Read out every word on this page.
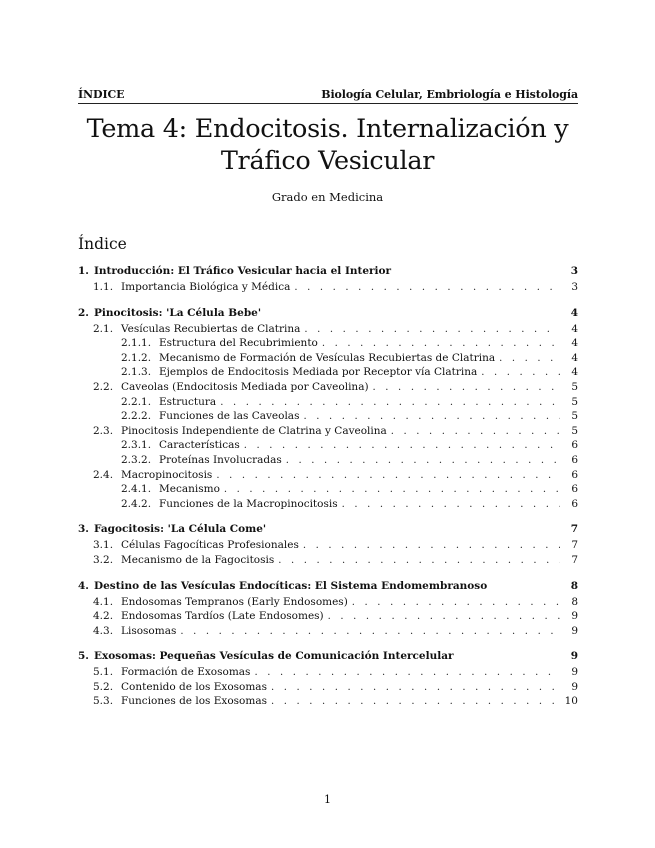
ÍNDICE	Biología Celular, Embriología e Histología
Tema 4: Endocitosis. Internalización y
Tráfico Vesicular
Grado en Medicina
Índice
1. Introducción: El Tráfico Vesicular hacia el Interior	3
1.1. Importancia Biológica y Médica . . .	3
2. Pinocitosis: 'La Célula Bebe'	4
2.1. Vesículas Recubiertas de Clatrina . . .	4
2.1.1. Estructura del Recubrimiento . . .	4
2.1.2. Mecanismo de Formación de Vesículas Recubiertas de Clatrina . . .	4
2.1.3. Ejemplos de Endocitosis Mediada por Receptor vía Clatrina . . .	4
2.2. Caveolas (Endocitosis Mediada por Caveolina) . . .	5
2.2.1. Estructura . . .	5
2.2.2. Funciones de las Caveolas . . .	5
2.3. Pinocitosis Independiente de Clatrina y Caveolina . . .	5
2.3.1. Características . . .	6
2.3.2. Proteínas Involucradas . . .	6
2.4. Macropinocitosis . . .	6
2.4.1. Mecanismo . . .	6
2.4.2. Funciones de la Macropinocitosis . . .	6
3. Fagocitosis: 'La Célula Come'	7
3.1. Células Fagocíticas Profesionales . . .	7
3.2. Mecanismo de la Fagocitosis . . .	7
4. Destino de las Vesículas Endocíticas: El Sistema Endomembranoso	8
4.1. Endosomas Tempranos (Early Endosomes) . . .	8
4.2. Endosomas Tardíos (Late Endosomes) . . .	9
4.3. Lisosomas . . .	9
5. Exosomas: Pequeñas Vesículas de Comunicación Intercelular	9
5.1. Formación de Exosomas . . .	9
5.2. Contenido de los Exosomas . . .	9
5.3. Funciones de los Exosomas . . .	10
1
